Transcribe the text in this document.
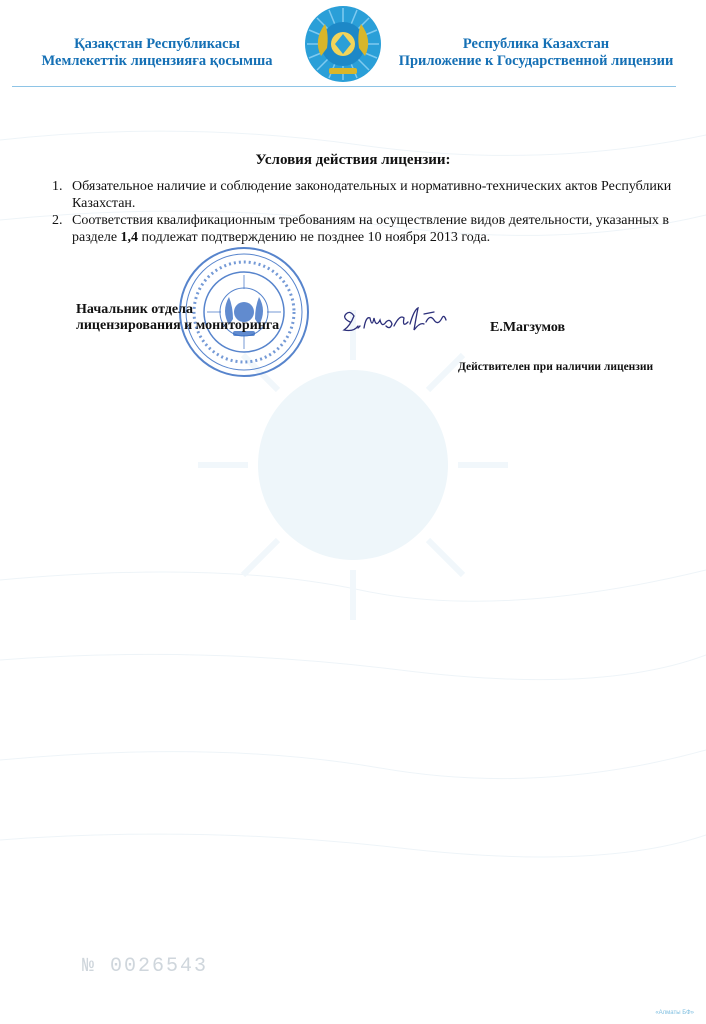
№ 0026543
«Алматы БФ»
Қазақстан Республикасы
Мемлекеттік лицензияға қосымша
Республика Казахстан
Приложение к Государственной лицензии
Условия действия лицензии:
1. Обязательное наличие и соблюдение законодательных и нормативно-технических актов Республики Казахстан.
2. Соответствия квалификационным требованиям на осуществление видов деятельности, указанных в разделе 1,4 подлежат подтверждению не позднее 10 ноября 2013 года.
Начальник отдела
лицензирования и мониторинга	Е.Магзумов
Действителен при наличии лицензии
